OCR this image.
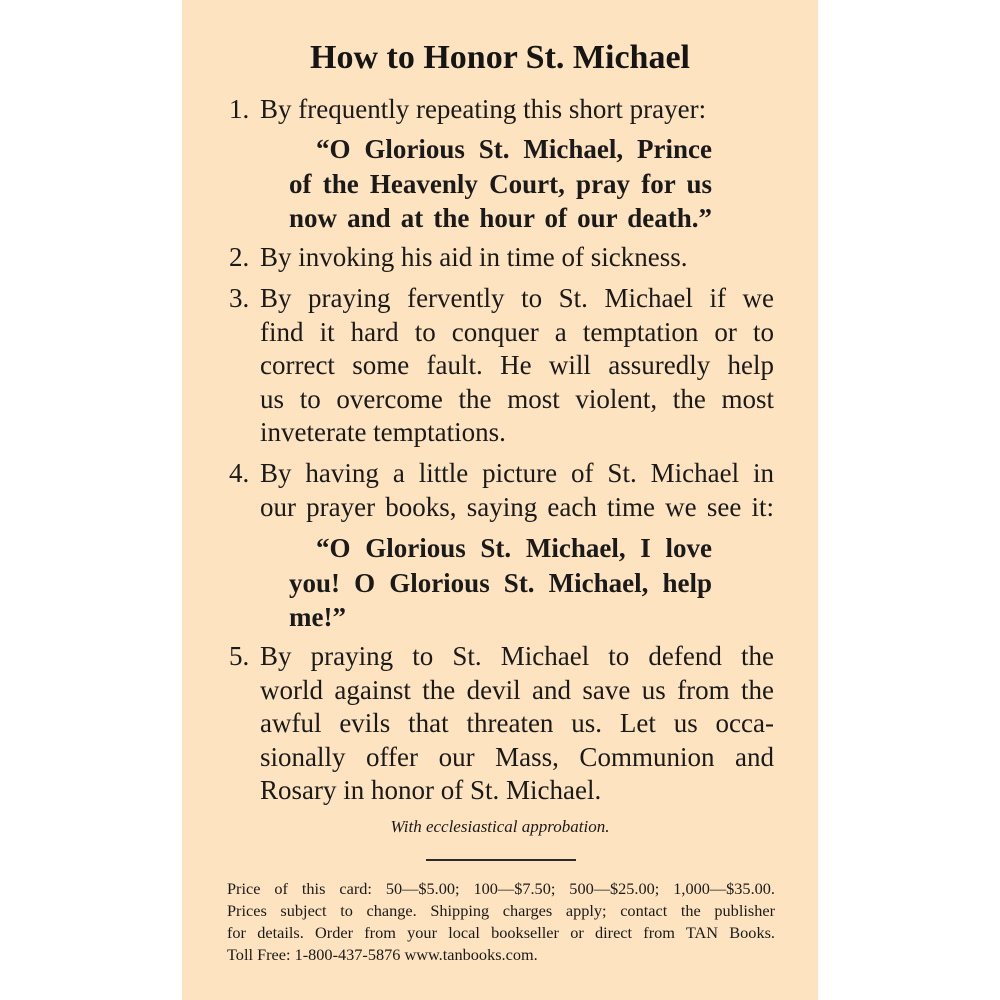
How to Honor St. Michael
1. By frequently repeating this short prayer:
“O Glorious St. Michael, Prince
of the Heavenly Court, pray for us
now and at the hour of our death.”
2. By invoking his aid in time of sickness.
3. By praying fervently to St. Michael if we
find it hard to conquer a temptation or to
correct some fault. He will assuredly help
us to overcome the most violent, the most
inveterate temptations.
4. By having a little picture of St. Michael in
our prayer books, saying each time we see it:
“O Glorious St. Michael, I love
you! O Glorious St. Michael, help
me!”
5. By praying to St. Michael to defend the
world against the devil and save us from the
awful evils that threaten us. Let us occa-
sionally offer our Mass, Communion and
Rosary in honor of St. Michael.
With ecclesiastical approbation.
Price of this card: 50—$5.00; 100—$7.50; 500—$25.00; 1,000—$35.00.
Prices subject to change. Shipping charges apply; contact the publisher
for details. Order from your local bookseller or direct from TAN Books.
Toll Free: 1-800-437-5876 www.tanbooks.com.
